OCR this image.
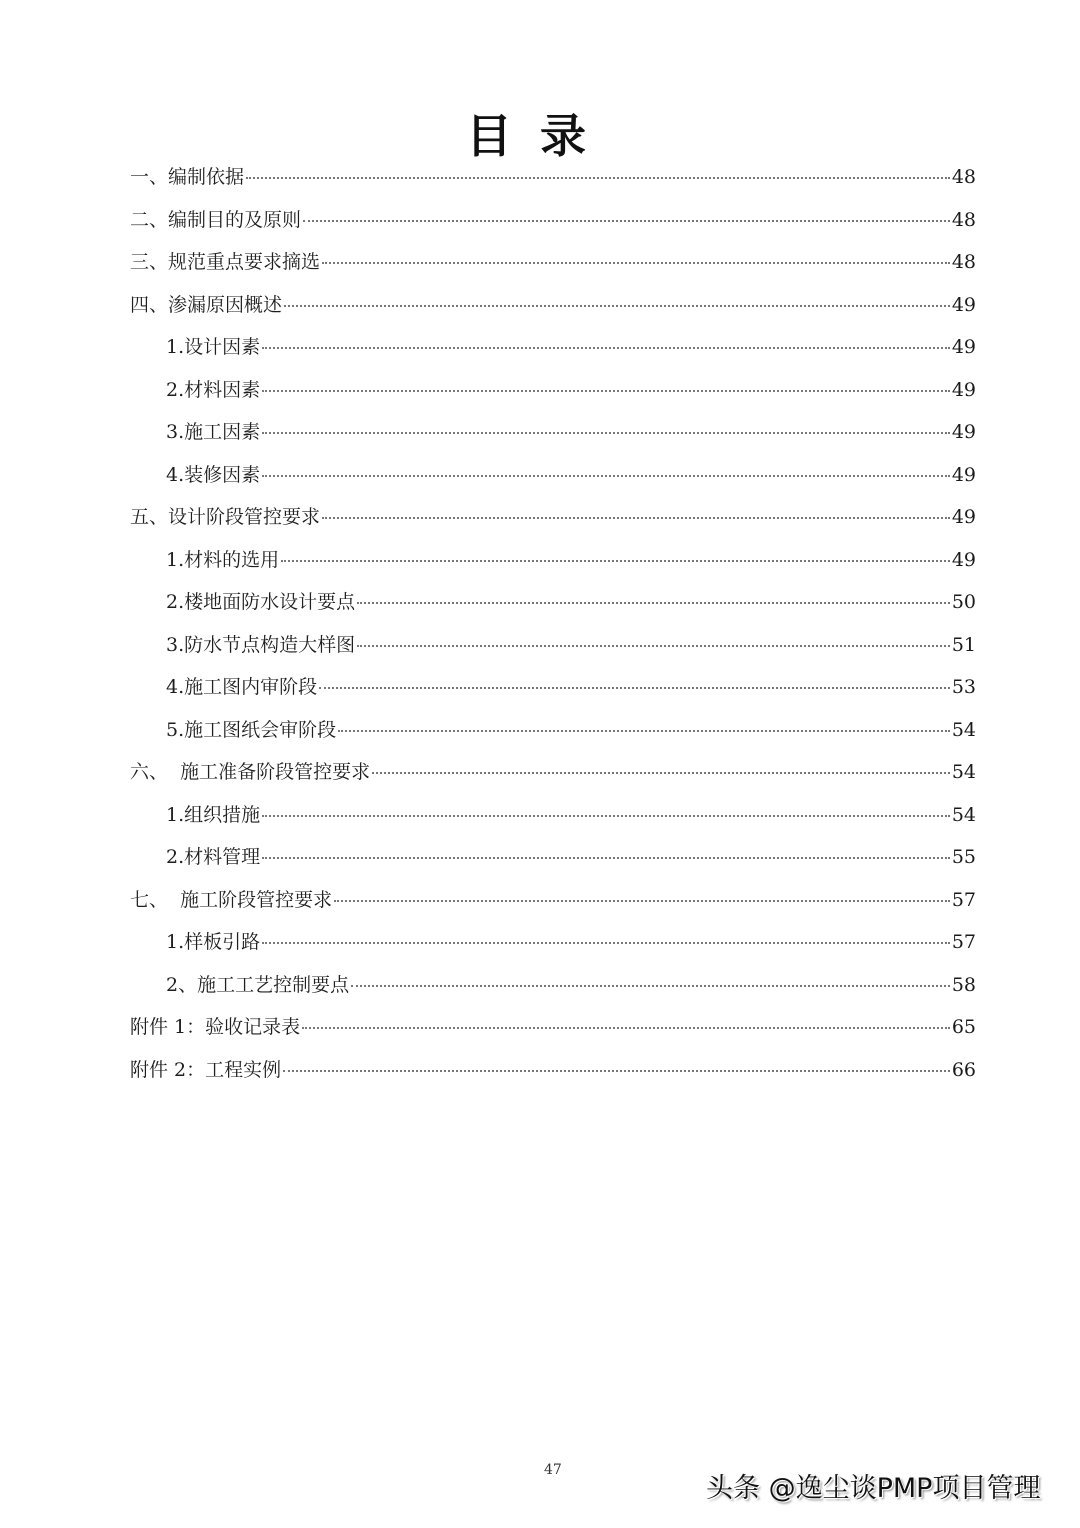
目录
一、编制依据	48
二、编制目的及原则	48
三、规范重点要求摘选	48
四、渗漏原因概述	49
1.设计因素	49
2.材料因素	49
3.施工因素	49
4.装修因素	49
五、设计阶段管控要求	49
1.材料的选用	49
2.楼地面防水设计要点	50
3.防水节点构造大样图	51
4.施工图内审阶段	53
5.施工图纸会审阶段	54
六、  施工准备阶段管控要求	54
1.组织措施	54
2.材料管理	55
七、  施工阶段管控要求	57
1.样板引路	57
2、施工工艺控制要点	58
附件 1：验收记录表	65
附件 2：工程实例	66
47
头条 @逸尘谈PMP项目管理
